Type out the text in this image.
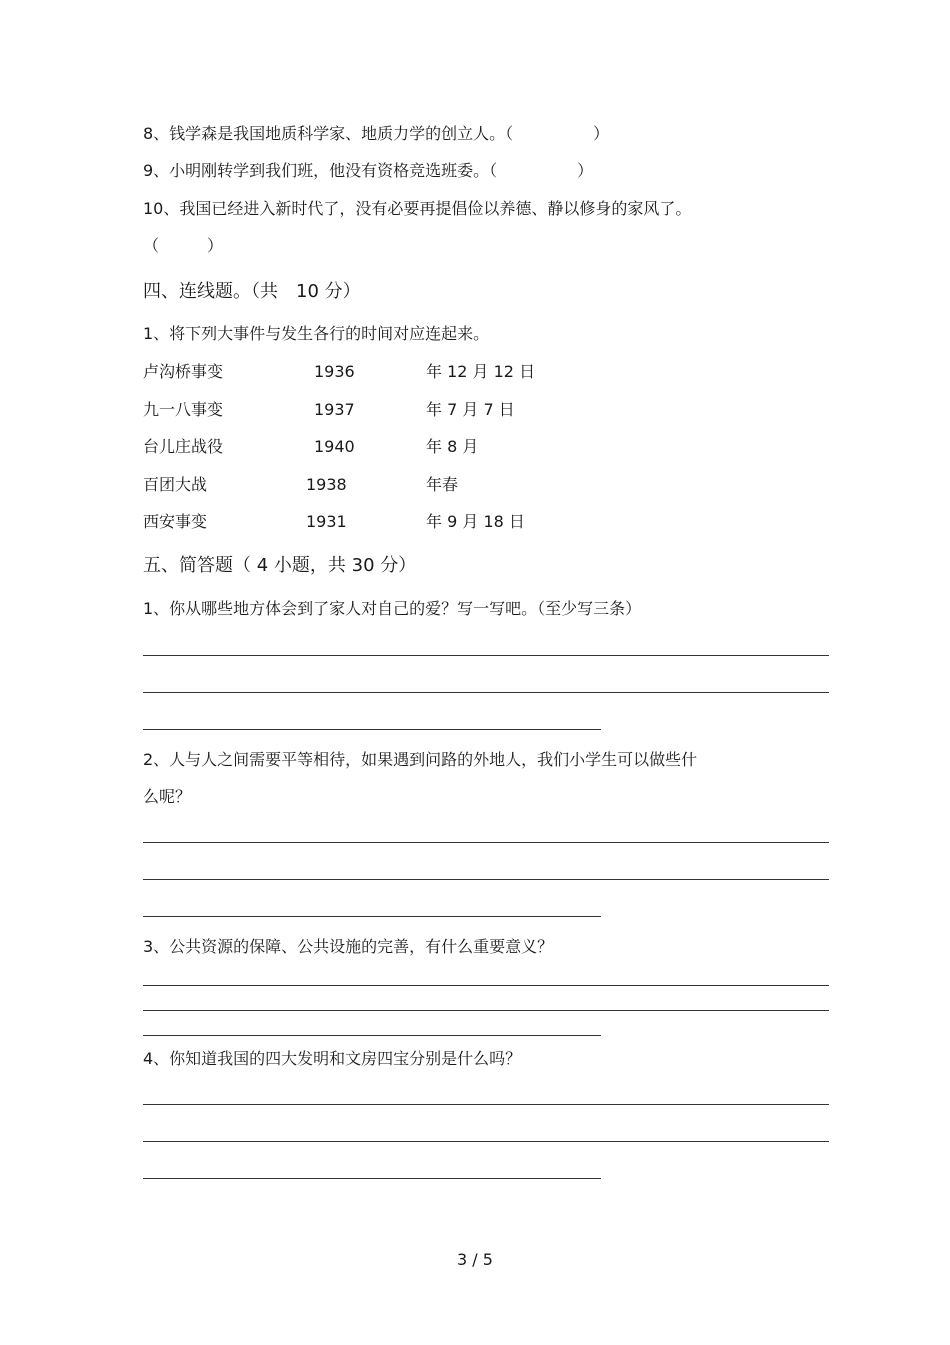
8、钱学森是我国地质科学家、地质力学的创立人。（　　　　　）
9、小明刚转学到我们班，他没有资格竞选班委。（　　　　　）
10、我国已经进入新时代了，没有必要再提倡俭以养德、静以修身的家风了。
（　　　）
四、连线题。（共　10 分）
1、将下列大事件与发生各行的时间对应连起来。
卢沟桥事变	1936	年 12 月 12 日
九一八事变	1937	年 7 月 7 日
台儿庄战役	1940	年 8 月
百团大战	1938	年春
西安事变	1931	年 9 月 18 日
五、简答题（ 4 小题，共 30 分）
1、你从哪些地方体会到了家人对自己的爱？写一写吧。（至少写三条）
2、人与人之间需要平等相待，如果遇到问路的外地人，我们小学生可以做些什
么呢？
3、公共资源的保障、公共设施的完善，有什么重要意义？
4、你知道我国的四大发明和文房四宝分别是什么吗？
3 / 5
